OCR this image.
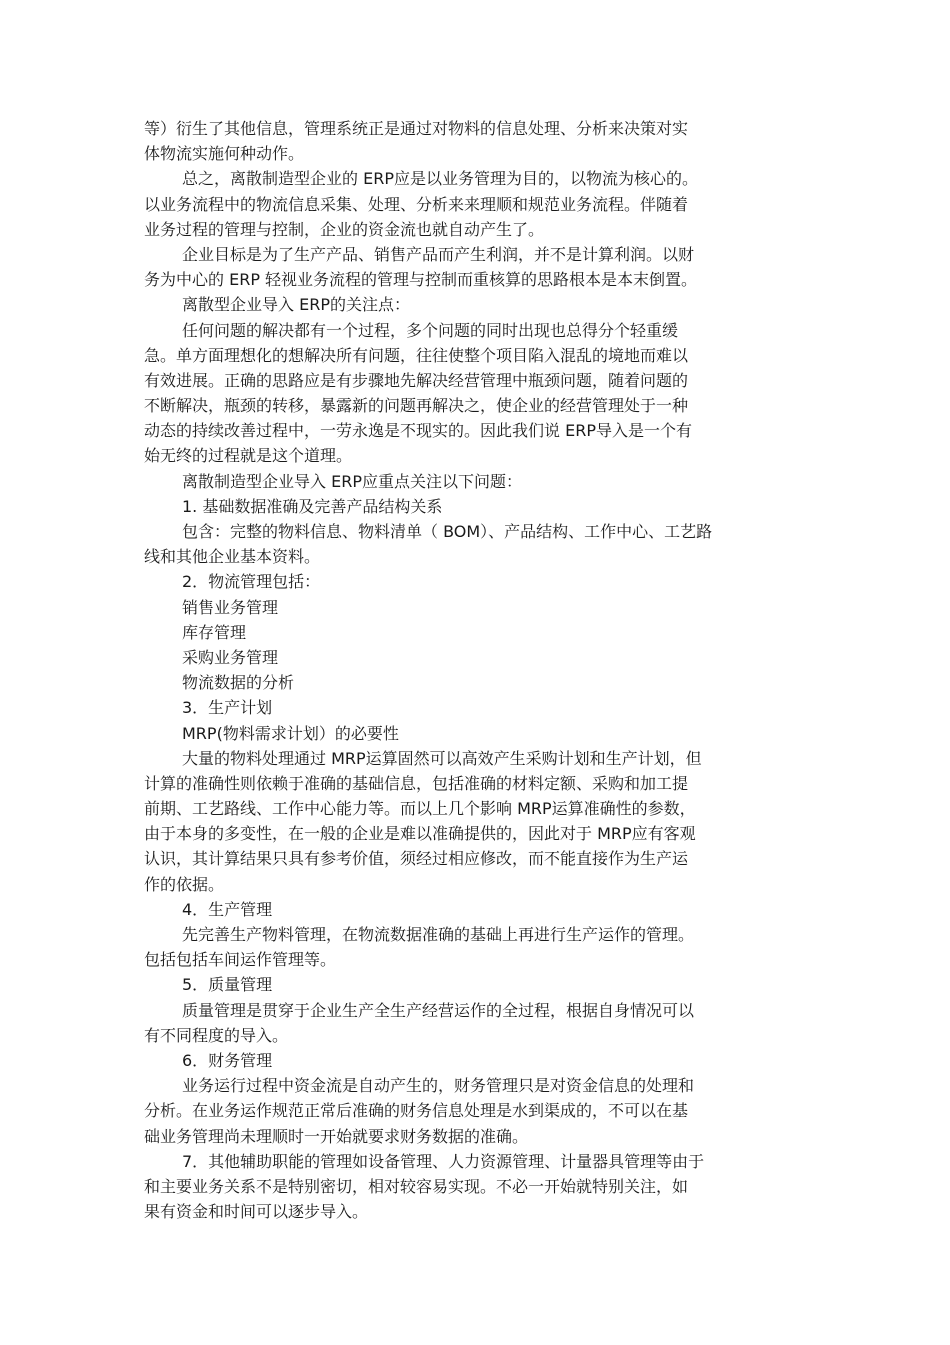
等）衍生了其他信息，管理系统正是通过对物料的信息处理、分析来决策对实
体物流实施何种动作。
总之，离散制造型企业的 ERP应是以业务管理为目的，以物流为核心的。
以业务流程中的物流信息采集、处理、分析来来理顺和规范业务流程。伴随着
业务过程的管理与控制，企业的资金流也就自动产生了。
企业目标是为了生产产品、销售产品而产生利润，并不是计算利润。以财
务为中心的 ERP 轻视业务流程的管理与控制而重核算的思路根本是本末倒置。
离散型企业导入 ERP的关注点：
任何问题的解决都有一个过程，多个问题的同时出现也总得分个轻重缓
急。单方面理想化的想解决所有问题，往往使整个项目陷入混乱的境地而难以
有效进展。正确的思路应是有步骤地先解决经营管理中瓶颈问题，随着问题的
不断解决，瓶颈的转移，暴露新的问题再解决之，使企业的经营管理处于一种
动态的持续改善过程中，一劳永逸是不现实的。因此我们说 ERP导入是一个有
始无终的过程就是这个道理。
离散制造型企业导入 ERP应重点关注以下问题：
1. 基础数据准确及完善产品结构关系
包含：完整的物料信息、物料清单（ BOM）、产品结构、工作中心、工艺路
线和其他企业基本资料。
2．物流管理包括：
销售业务管理
库存管理
采购业务管理
物流数据的分析
3．生产计划
MRP(物料需求计划）的必要性
大量的物料处理通过 MRP运算固然可以高效产生采购计划和生产计划，但
计算的准确性则依赖于准确的基础信息，包括准确的材料定额、采购和加工提
前期、工艺路线、工作中心能力等。而以上几个影响 MRP运算准确性的参数，
由于本身的多变性，在一般的企业是难以准确提供的，因此对于 MRP应有客观
认识，其计算结果只具有参考价值，须经过相应修改，而不能直接作为生产运
作的依据。
4．生产管理
先完善生产物料管理，在物流数据准确的基础上再进行生产运作的管理。
包括包括车间运作管理等。
5．质量管理
质量管理是贯穿于企业生产全生产经营运作的全过程，根据自身情况可以
有不同程度的导入。
6．财务管理
业务运行过程中资金流是自动产生的，财务管理只是对资金信息的处理和
分析。在业务运作规范正常后准确的财务信息处理是水到渠成的，不可以在基
础业务管理尚未理顺时一开始就要求财务数据的准确。
7．其他辅助职能的管理如设备管理、人力资源管理、计量器具管理等由于
和主要业务关系不是特别密切，相对较容易实现。不必一开始就特别关注，如
果有资金和时间可以逐步导入。
